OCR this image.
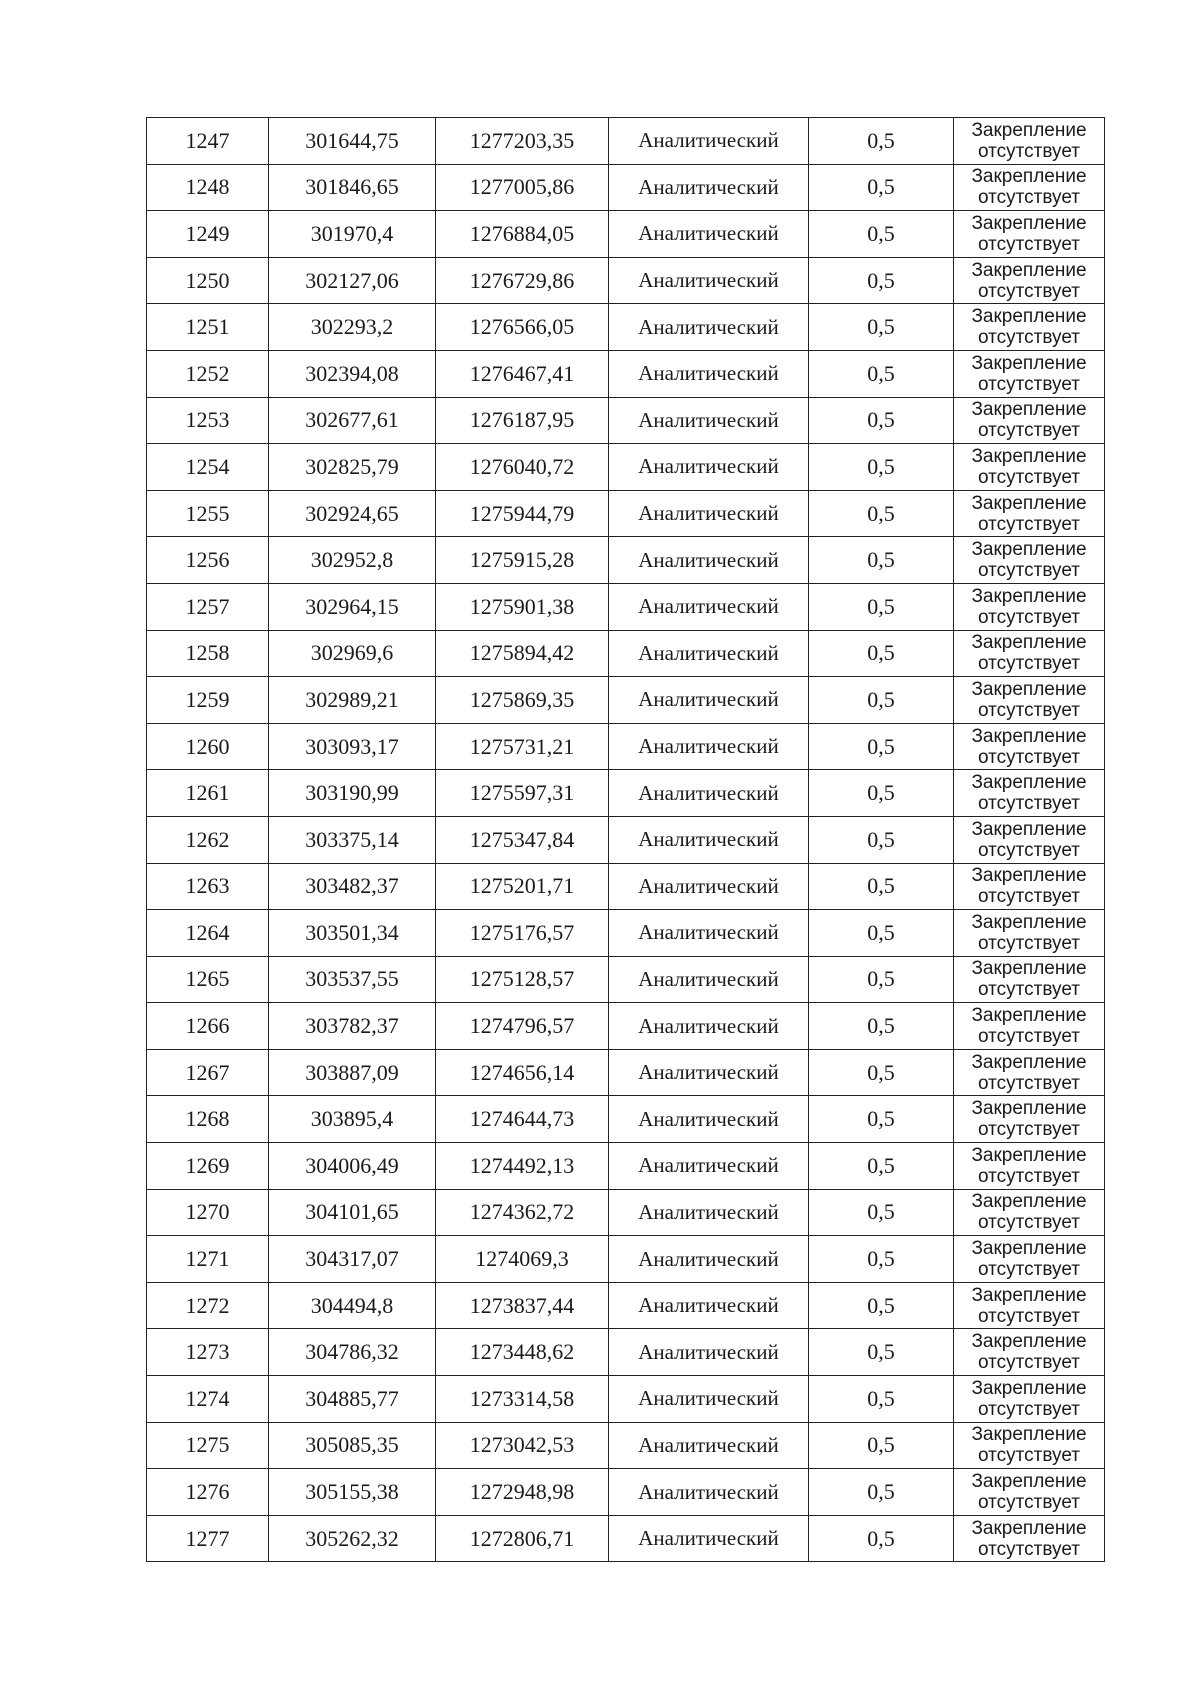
1247	301644,75	1277203,35	Аналитический	0,5	Закрепление
отсутствует
1248	301846,65	1277005,86	Аналитический	0,5	Закрепление
отсутствует
1249	301970,4	1276884,05	Аналитический	0,5	Закрепление
отсутствует
1250	302127,06	1276729,86	Аналитический	0,5	Закрепление
отсутствует
1251	302293,2	1276566,05	Аналитический	0,5	Закрепление
отсутствует
1252	302394,08	1276467,41	Аналитический	0,5	Закрепление
отсутствует
1253	302677,61	1276187,95	Аналитический	0,5	Закрепление
отсутствует
1254	302825,79	1276040,72	Аналитический	0,5	Закрепление
отсутствует
1255	302924,65	1275944,79	Аналитический	0,5	Закрепление
отсутствует
1256	302952,8	1275915,28	Аналитический	0,5	Закрепление
отсутствует
1257	302964,15	1275901,38	Аналитический	0,5	Закрепление
отсутствует
1258	302969,6	1275894,42	Аналитический	0,5	Закрепление
отсутствует
1259	302989,21	1275869,35	Аналитический	0,5	Закрепление
отсутствует
1260	303093,17	1275731,21	Аналитический	0,5	Закрепление
отсутствует
1261	303190,99	1275597,31	Аналитический	0,5	Закрепление
отсутствует
1262	303375,14	1275347,84	Аналитический	0,5	Закрепление
отсутствует
1263	303482,37	1275201,71	Аналитический	0,5	Закрепление
отсутствует
1264	303501,34	1275176,57	Аналитический	0,5	Закрепление
отсутствует
1265	303537,55	1275128,57	Аналитический	0,5	Закрепление
отсутствует
1266	303782,37	1274796,57	Аналитический	0,5	Закрепление
отсутствует
1267	303887,09	1274656,14	Аналитический	0,5	Закрепление
отсутствует
1268	303895,4	1274644,73	Аналитический	0,5	Закрепление
отсутствует
1269	304006,49	1274492,13	Аналитический	0,5	Закрепление
отсутствует
1270	304101,65	1274362,72	Аналитический	0,5	Закрепление
отсутствует
1271	304317,07	1274069,3	Аналитический	0,5	Закрепление
отсутствует
1272	304494,8	1273837,44	Аналитический	0,5	Закрепление
отсутствует
1273	304786,32	1273448,62	Аналитический	0,5	Закрепление
отсутствует
1274	304885,77	1273314,58	Аналитический	0,5	Закрепление
отсутствует
1275	305085,35	1273042,53	Аналитический	0,5	Закрепление
отсутствует
1276	305155,38	1272948,98	Аналитический	0,5	Закрепление
отсутствует
1277	305262,32	1272806,71	Аналитический	0,5	Закрепление
отсутствует
